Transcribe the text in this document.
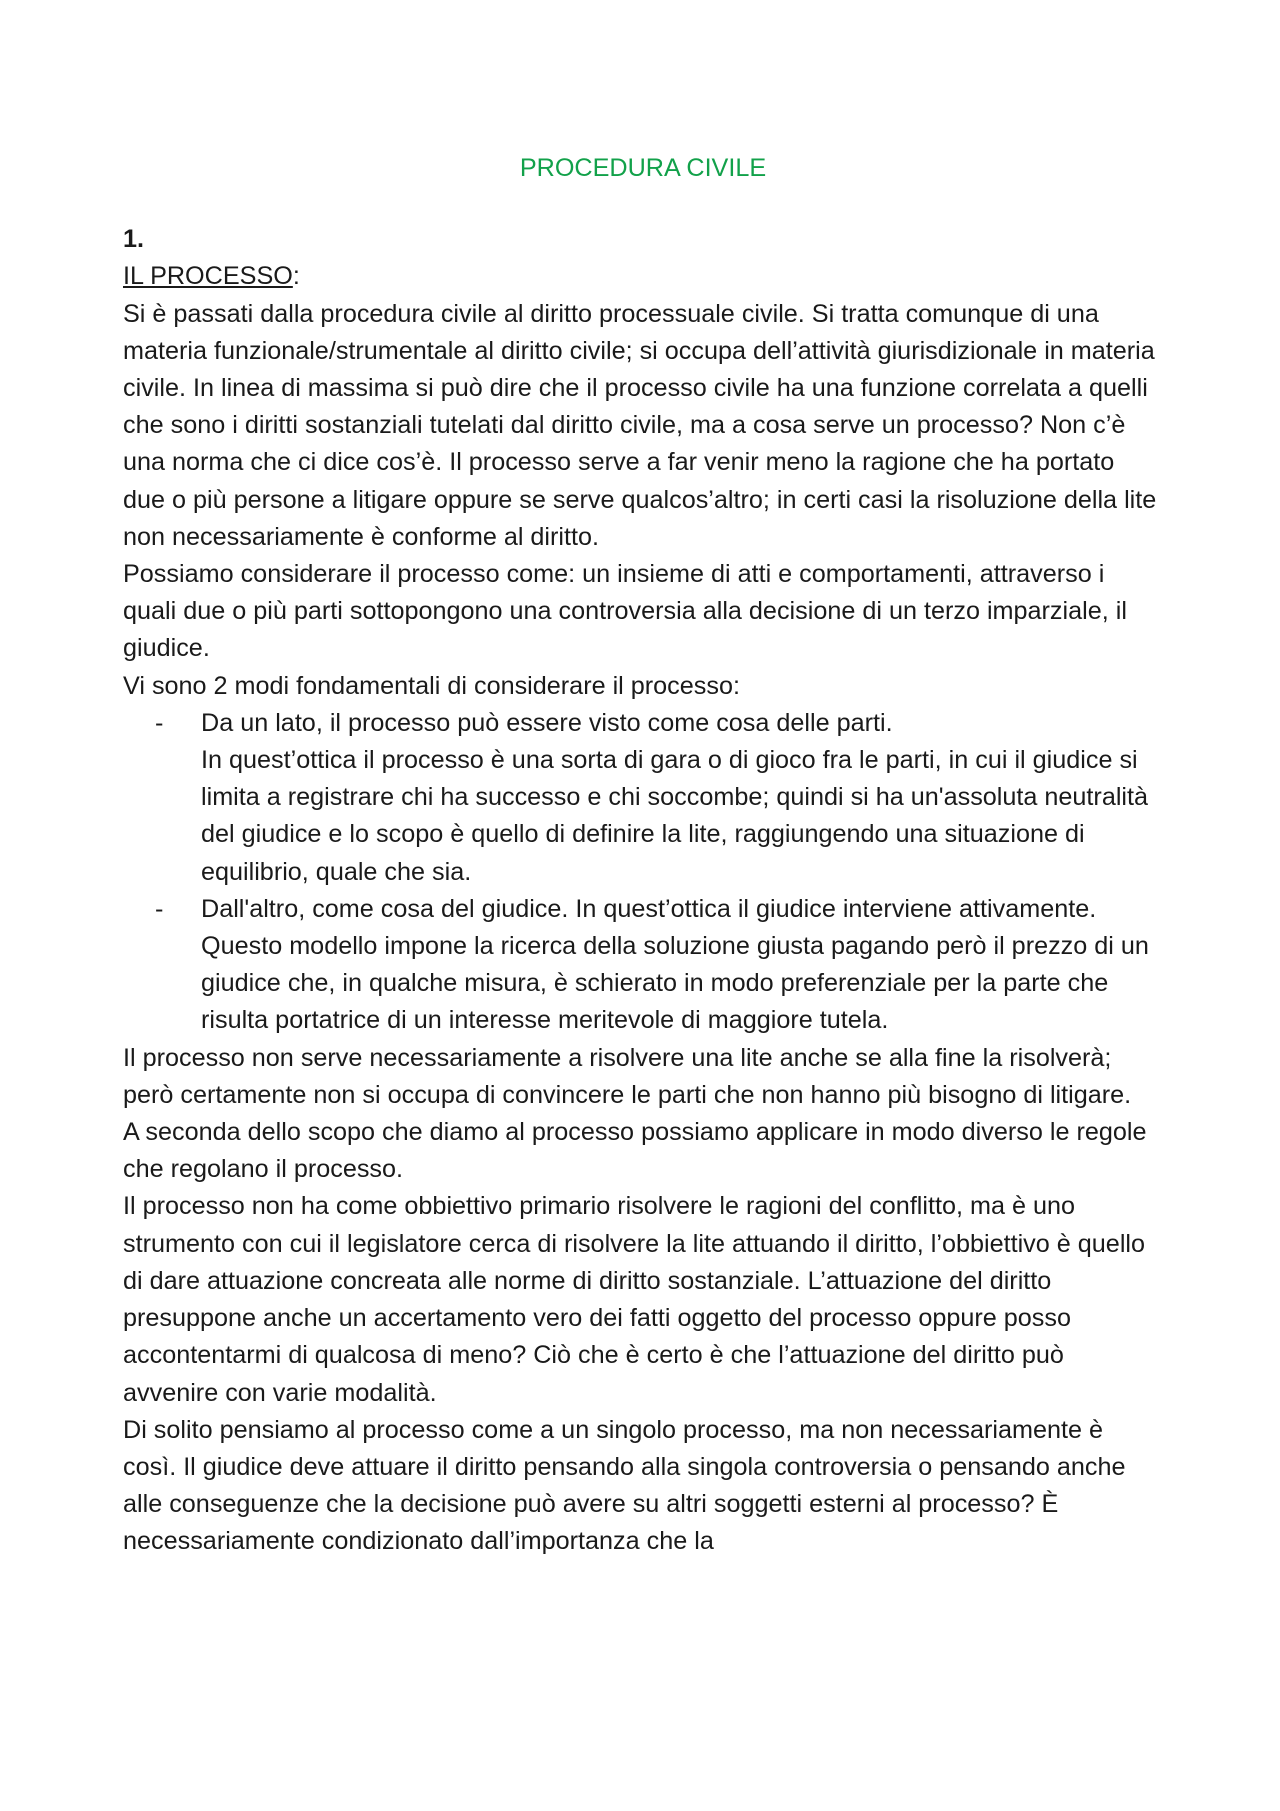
PROCEDURA CIVILE

1.

IL PROCESSO:

Si è passati dalla procedura civile al diritto processuale civile. Si tratta comunque di una materia funzionale/strumentale al diritto civile; si occupa dell’attività giurisdizionale in materia civile. In linea di massima si può dire che il processo civile ha una funzione correlata a quelli che sono i diritti sostanziali tutelati dal diritto civile, ma a cosa serve un processo? Non c’è una norma che ci dice cos’è. Il processo serve a far venir meno la ragione che ha portato due o più persone a litigare oppure se serve qualcos’altro; in certi casi la risoluzione della lite non necessariamente è conforme al diritto.

Possiamo considerare il processo come: un insieme di atti e comportamenti, attraverso i quali due o più parti sottopongono una controversia alla decisione di un terzo imparziale, il giudice.

Vi sono 2 modi fondamentali di considerare il processo:

- Da un lato, il processo può essere visto come cosa delle parti.
In quest’ottica il processo è una sorta di gara o di gioco fra le parti, in cui il giudice si limita a registrare chi ha successo e chi soccombe; quindi si ha un'assoluta neutralità del giudice e lo scopo è quello di definire la lite, raggiungendo una situazione di equilibrio, quale che sia.
- Dall'altro, come cosa del giudice. In quest’ottica il giudice interviene attivamente. Questo modello impone la ricerca della soluzione giusta pagando però il prezzo di un giudice che, in qualche misura, è schierato in modo preferenziale per la parte che risulta portatrice di un interesse meritevole di maggiore tutela.

Il processo non serve necessariamente a risolvere una lite anche se alla fine la risolverà; però certamente non si occupa di convincere le parti che non hanno più bisogno di litigare.

A seconda dello scopo che diamo al processo possiamo applicare in modo diverso le regole che regolano il processo.

Il processo non ha come obbiettivo primario risolvere le ragioni del conflitto, ma è uno strumento con cui il legislatore cerca di risolvere la lite attuando il diritto, l’obbiettivo è quello di dare attuazione concreata alle norme di diritto sostanziale. L’attuazione del diritto presuppone anche un accertamento vero dei fatti oggetto del processo oppure posso accontentarmi di qualcosa di meno? Ciò che è certo è che l’attuazione del diritto può avvenire con varie modalità.

Di solito pensiamo al processo come a un singolo processo, ma non necessariamente è così. Il giudice deve attuare il diritto pensando alla singola controversia o pensando anche alle conseguenze che la decisione può avere su altri soggetti esterni al processo? È necessariamente condizionato dall’importanza che la
